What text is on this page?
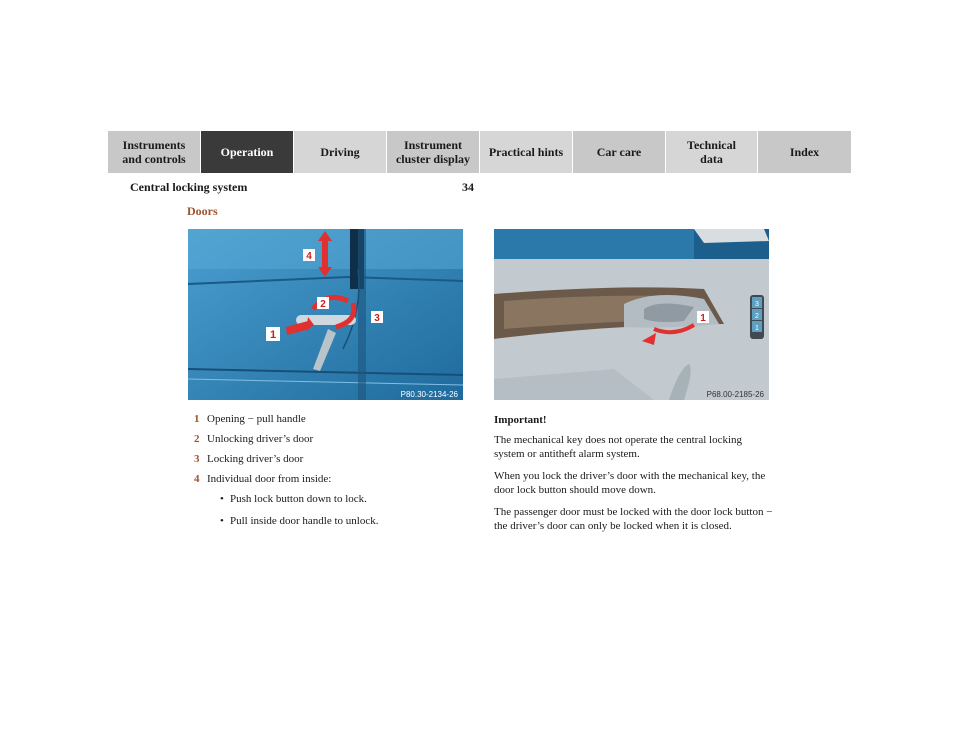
Instruments
and controls	Operation	Driving	Instrument
cluster display	Practical hints	Car care	Technical
data	Index
Central locking system	34
Doors
1
2
3
4
P80.30-2134-26
3
2
1
1
P68.00-2185-26
1 Opening − pull handle
2 Unlocking driver’s door
3 Locking driver’s door
4 Individual door from inside:
• Push lock button down to lock.
• Pull inside door handle to unlock.
Important!

The mechanical key does not operate the central locking system or antitheft alarm system.

When you lock the driver’s door with the mechanical key, the door lock button should move down.

The passenger door must be locked with the door lock button − the driver’s door can only be locked when it is closed.
